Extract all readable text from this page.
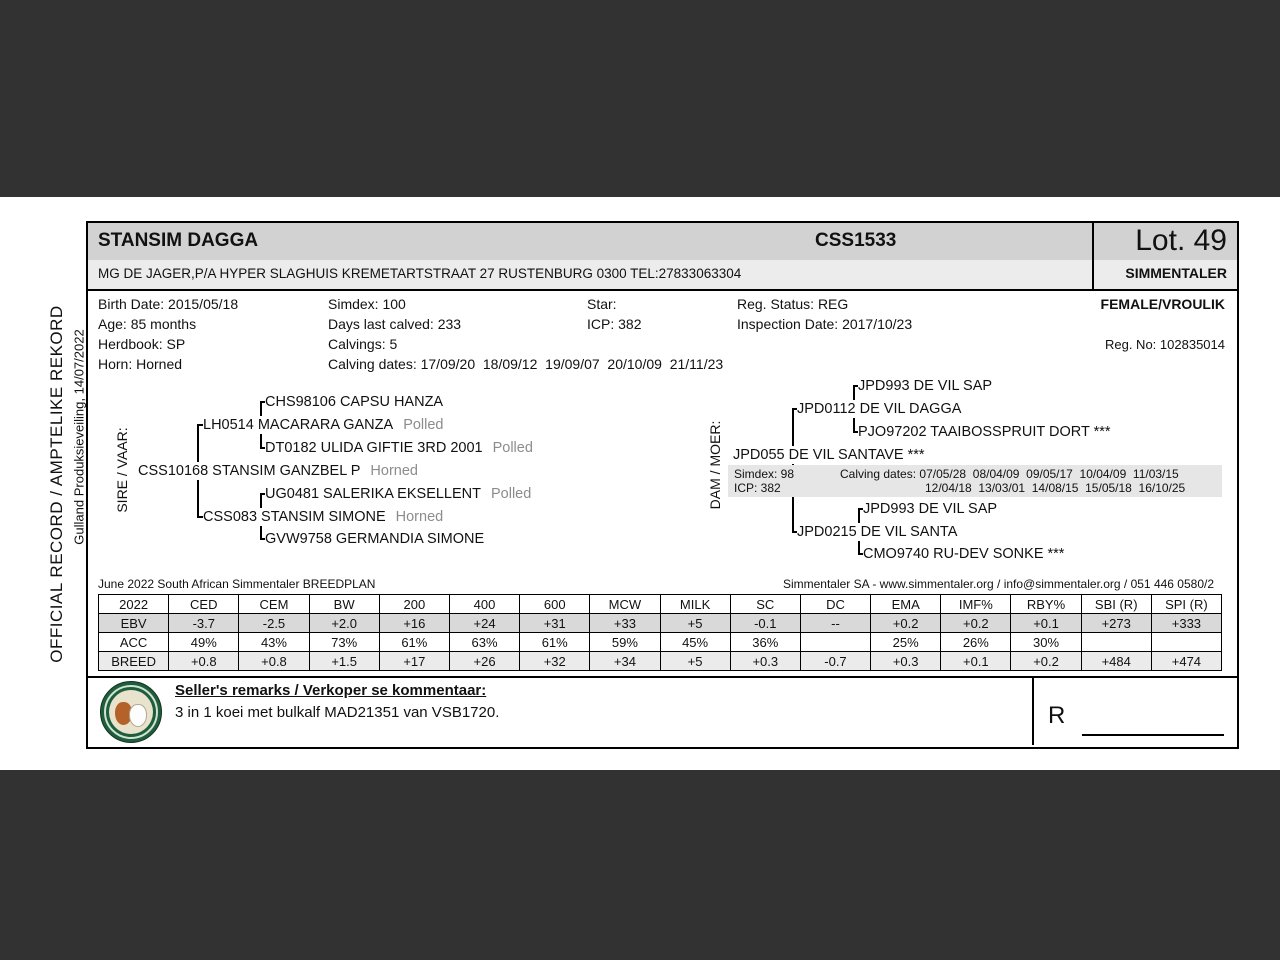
OFFICIAL RECORD / AMPTELIKE REKORD Gulland Produksieveiling, 14/07/2022
STANSIM DAGGA	CSS1533	Lot. 49
MG DE JAGER,P/A HYPER SLAGHUIS KREMETARTSTRAAT 27 RUSTENBURG 0300 TEL:27833063304	SIMMENTALER
Birth Date: 2015/05/18
Age: 85 months
Herdbook: SP
Horn: Horned
Simdex: 100
Days last calved: 233
Calvings: 5
Calving dates: 17/09/20  18/09/12  19/09/07  20/10/09  21/11/23
Star:
ICP: 382
Reg. Status: REG
Inspection Date: 2017/10/23
FEMALE/VROULIK
Reg. No: 102835014
SIRE / VAAR:	DAM / MOER:
CHS98106 CAPSU HANZA
LH0514 MACARARA GANZA Polled
DT0182 ULIDA GIFTIE 3RD 2001 Polled
CSS10168 STANSIM GANZBEL P Horned
UG0481 SALERIKA EKSELLENT Polled
CSS083 STANSIM SIMONE Horned
GVW9758 GERMANDIA SIMONE
JPD993 DE VIL SAP
JPD0112 DE VIL DAGGA
PJO97202 TAAIBOSSPRUIT DORT ***
JPD055 DE VIL SANTAVE ***
JPD993 DE VIL SAP
JPD0215 DE VIL SANTA
CMO9740 RU-DEV SONKE ***
Simdex: 98
ICP: 382
Calving dates: 07/05/28  08/04/09  09/05/17  10/04/09  11/03/15
12/04/18  13/03/01  14/08/15  15/05/18  16/10/25
June 2022 South African Simmentaler BREEDPLAN	Simmentaler SA - www.simmentaler.org / info@simmentaler.org / 051 446 0580/2
2022	CED	CEM	BW	200	400	600	MCW	MILK	SC	DC	EMA	IMF%	RBY%	SBI (R)	SPI (R)
EBV	-3.7	-2.5	+2.0	+16	+24	+31	+33	+5	-0.1	--	+0.2	+0.2	+0.1	+273	+333
ACC	49%	43%	73%	61%	63%	61%	59%	45%	36%		25%	26%	30%		
BREED	+0.8	+0.8	+1.5	+17	+26	+32	+34	+5	+0.3	-0.7	+0.3	+0.1	+0.2	+484	+474
Seller's remarks / Verkoper se kommentaar:
3 in 1 koei met bulkalf MAD21351 van VSB1720.	R
